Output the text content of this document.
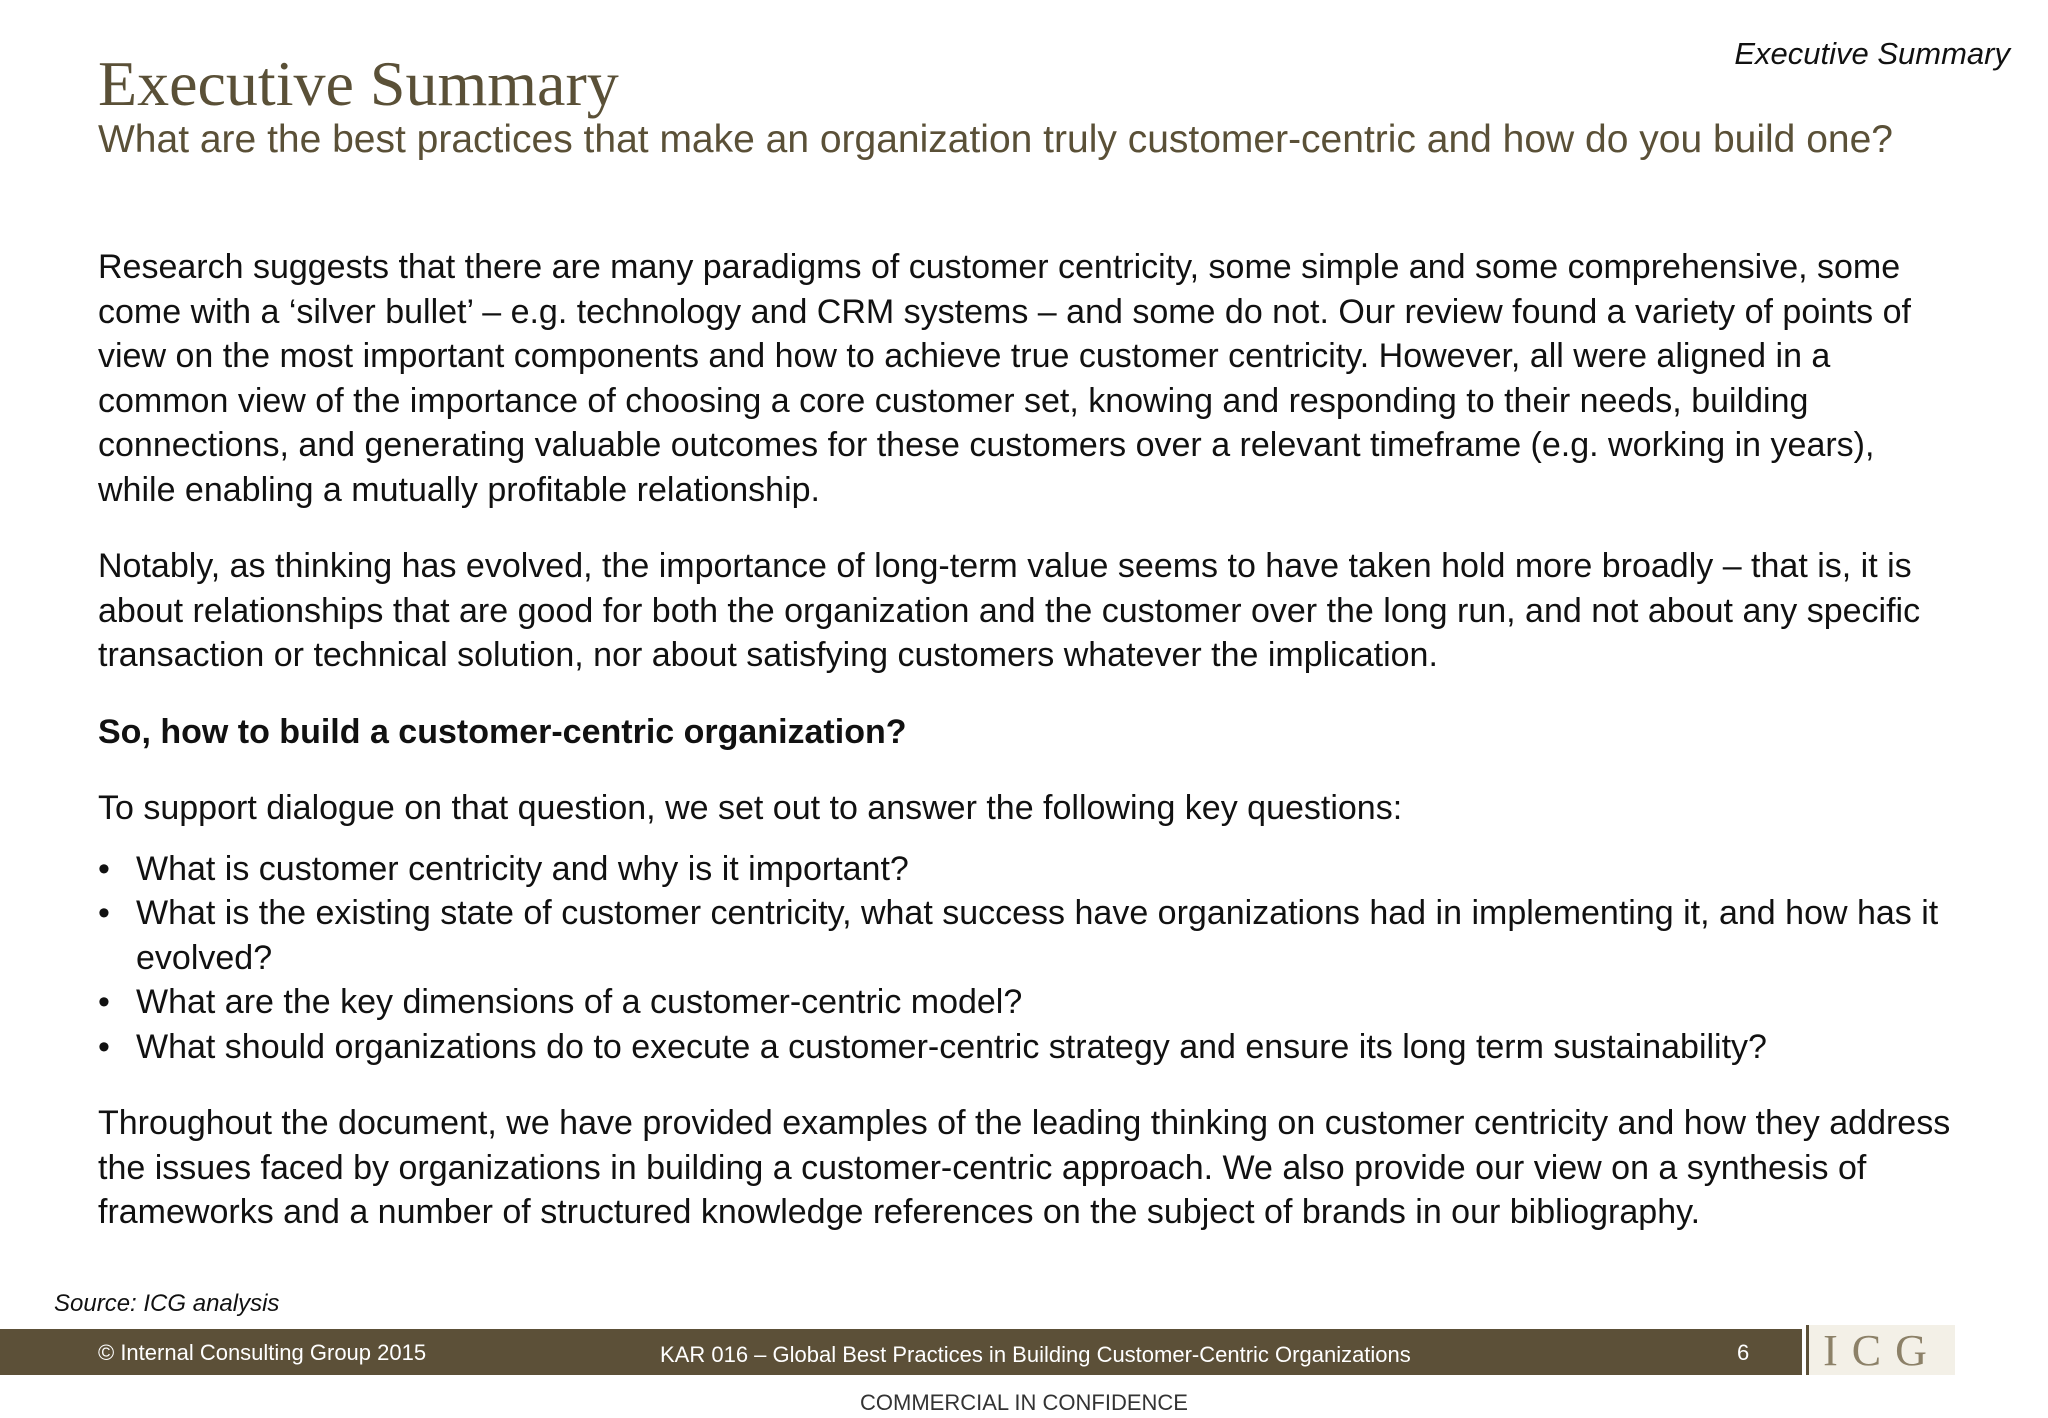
Executive Summary
Executive Summary
What are the best practices that make an organization truly customer-centric and how do you build one?

Research suggests that there are many paradigms of customer centricity, some simple and some comprehensive, some come with a ‘silver bullet’ – e.g. technology and CRM systems – and some do not. Our review found a variety of points of view on the most important components and how to achieve true customer centricity. However, all were aligned in a common view of the importance of choosing a core customer set, knowing and responding to their needs, building connections, and generating valuable outcomes for these customers over a relevant timeframe (e.g. working in years), while enabling a mutually profitable relationship.

Notably, as thinking has evolved, the importance of long-term value seems to have taken hold more broadly – that is, it is about relationships that are good for both the organization and the customer over the long run, and not about any specific transaction or technical solution, nor about satisfying customers whatever the implication.

So, how to build a customer-centric organization?

To support dialogue on that question, we set out to answer the following key questions:

• What is customer centricity and why is it important?
• What is the existing state of customer centricity, what success have organizations had in implementing it, and how has it evolved?
• What are the key dimensions of a customer-centric model?
• What should organizations do to execute a customer-centric strategy and ensure its long term sustainability?

Throughout the document, we have provided examples of the leading thinking on customer centricity and how they address the issues faced by organizations in building a customer-centric approach. We also provide our view on a synthesis of frameworks and a number of structured knowledge references on the subject of brands in our bibliography.

Source: ICG analysis
© Internal Consulting Group 2015	KAR 016 – Global Best Practices in Building Customer-Centric Organizations	6	ICG
COMMERCIAL IN CONFIDENCE
